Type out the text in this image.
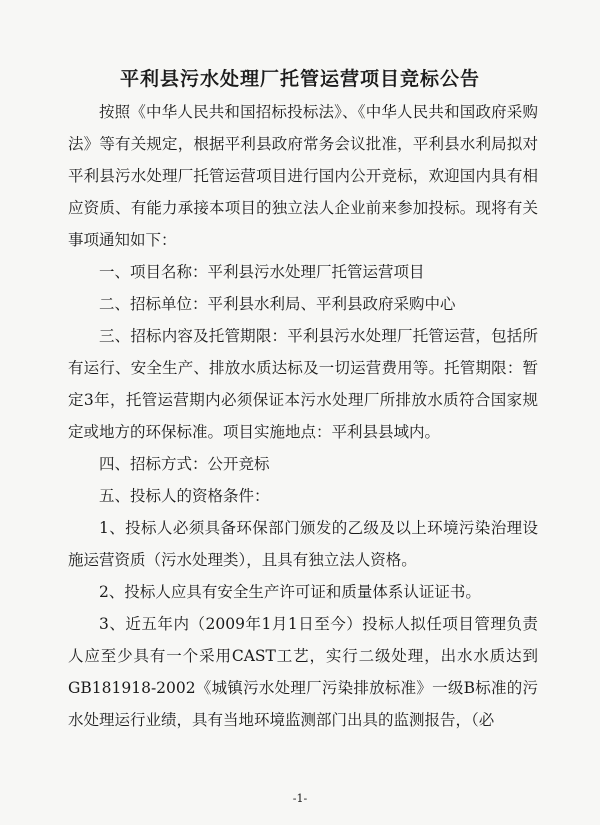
平利县污水处理厂托管运营项目竞标公告

按照《中华人民共和国招标投标法》、《中华人民共和国政府采购法》等有关规定，根据平利县政府常务会议批准，平利县水利局拟对平利县污水处理厂托管运营项目进行国内公开竞标，欢迎国内具有相应资质、有能力承接本项目的独立法人企业前来参加投标。现将有关事项通知如下：

一、项目名称：平利县污水处理厂托管运营项目

二、招标单位：平利县水利局、平利县政府采购中心

三、招标内容及托管期限：平利县污水处理厂托管运营，包括所有运行、安全生产、排放水质达标及一切运营费用等。托管期限：暂定3年，托管运营期内必须保证本污水处理厂所排放水质符合国家规定或地方的环保标准。项目实施地点：平利县县域内。

四、招标方式：公开竞标

五、投标人的资格条件：

1、投标人必须具备环保部门颁发的乙级及以上环境污染治理设施运营资质（污水处理类），且具有独立法人资格。

2、投标人应具有安全生产许可证和质量体系认证证书。

3、近五年内（2009年1月1日至今）投标人拟任项目管理负责人应至少具有一个采用CAST工艺，实行二级处理，出水水质达到GB181918-2002《城镇污水处理厂污染排放标准》一级B标准的污水处理运行业绩，具有当地环境监测部门出具的监测报告，（必

-1-
